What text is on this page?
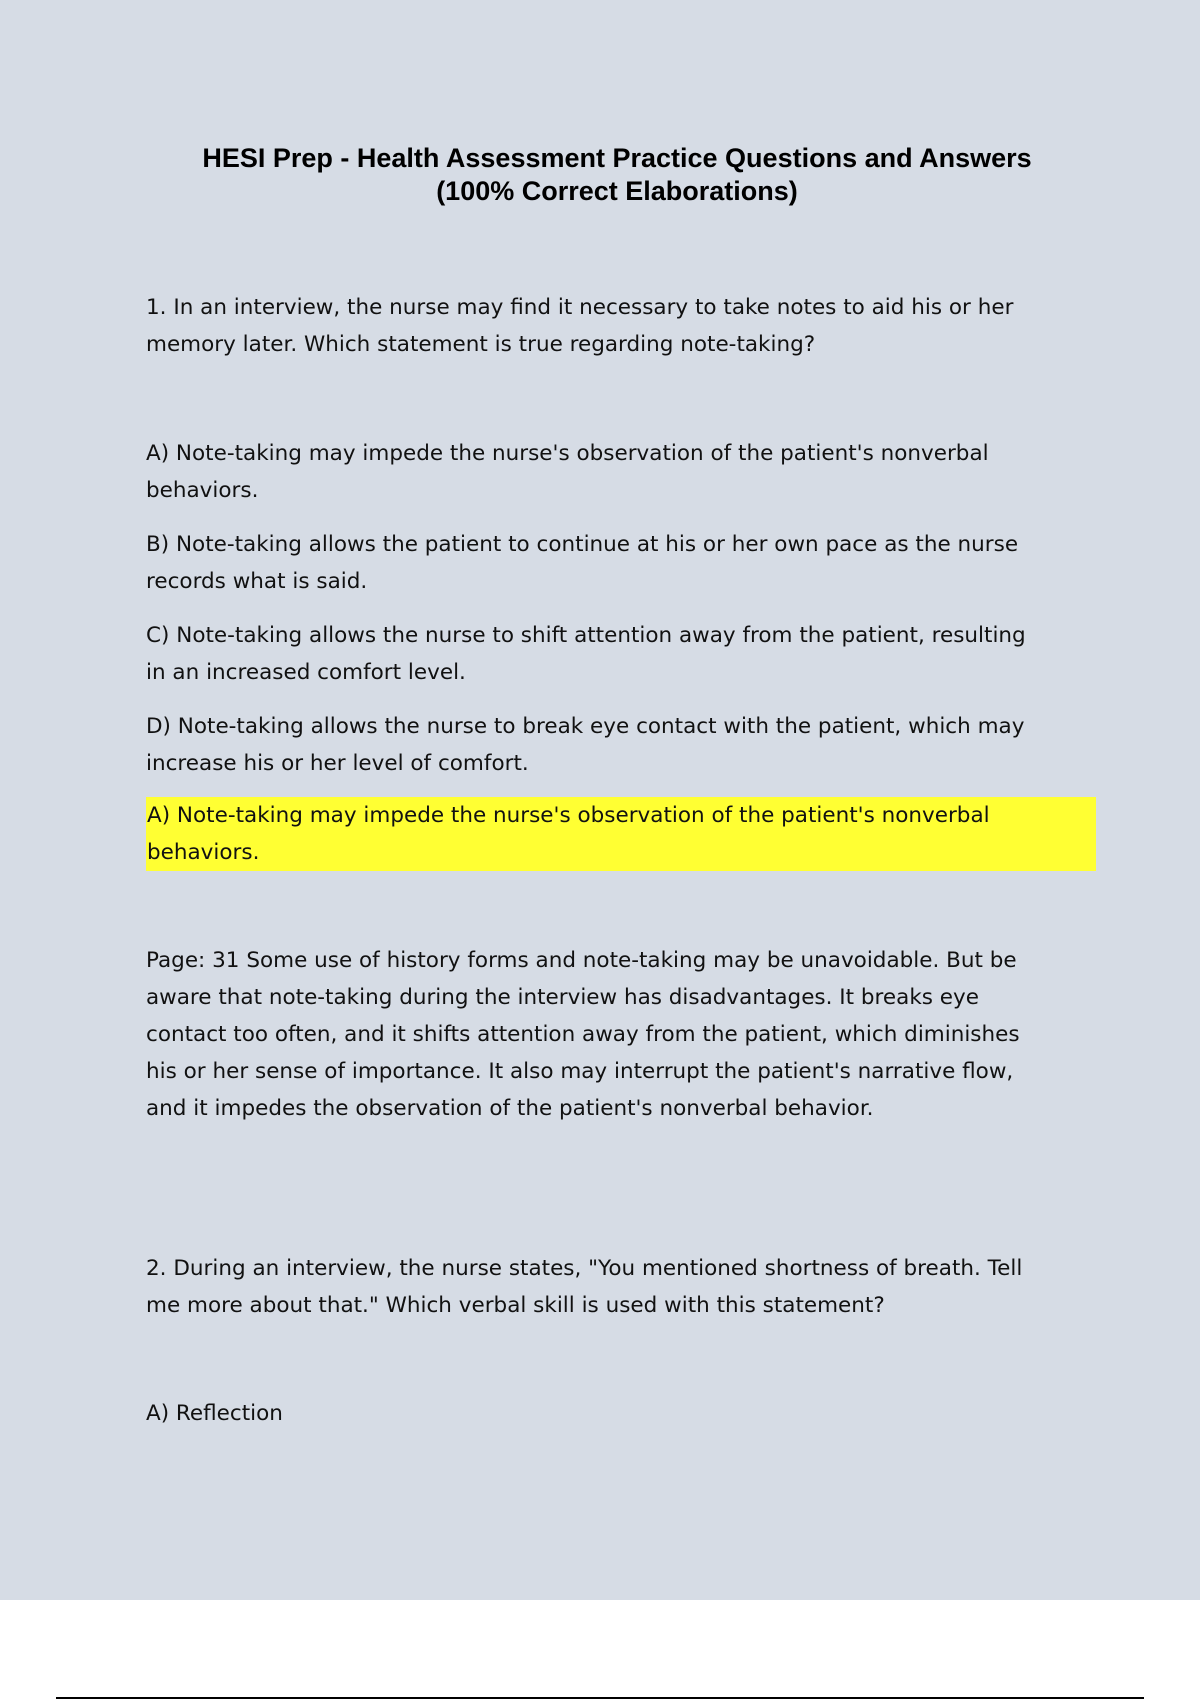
HESI Prep - Health Assessment Practice Questions and Answers
(100% Correct Elaborations)

1. In an interview, the nurse may find it necessary to take notes to aid his or her
memory later. Which statement is true regarding note-taking?

A) Note-taking may impede the nurse's observation of the patient's nonverbal
behaviors.

B) Note-taking allows the patient to continue at his or her own pace as the nurse
records what is said.

C) Note-taking allows the nurse to shift attention away from the patient, resulting
in an increased comfort level.

D) Note-taking allows the nurse to break eye contact with the patient, which may
increase his or her level of comfort.

A) Note-taking may impede the nurse's observation of the patient's nonverbal
behaviors.

Page: 31 Some use of history forms and note-taking may be unavoidable. But be
aware that note-taking during the interview has disadvantages. It breaks eye
contact too often, and it shifts attention away from the patient, which diminishes
his or her sense of importance. It also may interrupt the patient's narrative flow,
and it impedes the observation of the patient's nonverbal behavior.

2. During an interview, the nurse states, "You mentioned shortness of breath. Tell
me more about that." Which verbal skill is used with this statement?

A) Reflection
